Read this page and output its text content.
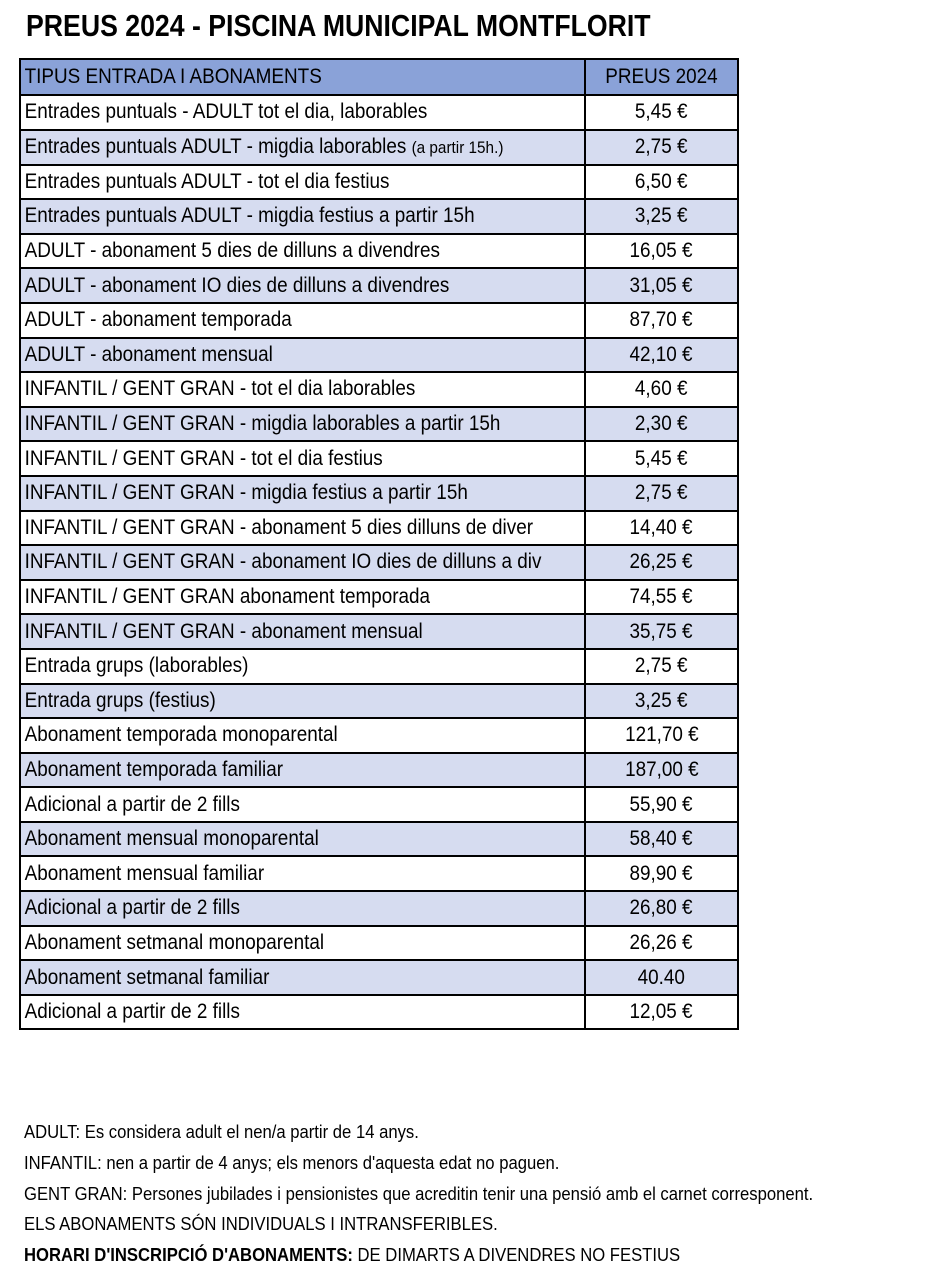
PREUS 2024 - PISCINA MUNICIPAL MONTFLORIT
TIPUS ENTRADA I ABONAMENTS	PREUS 2024
Entrades puntuals - ADULT tot el dia, laborables	5,45 €
Entrades puntuals ADULT - migdia laborables (a partir 15h.)	2,75 €
Entrades puntuals ADULT - tot el dia festius	6,50 €
Entrades puntuals ADULT - migdia festius a partir 15h	3,25 €
ADULT - abonament 5 dies de dilluns a divendres	16,05 €
ADULT - abonament IO dies de dilluns a divendres	31,05 €
ADULT - abonament temporada	87,70 €
ADULT - abonament mensual	42,10 €
INFANTIL / GENT GRAN - tot el dia laborables	4,60 €
INFANTIL / GENT GRAN - migdia laborables a partir 15h	2,30 €
INFANTIL / GENT GRAN - tot el dia festius	5,45 €
INFANTIL / GENT GRAN - migdia festius a partir 15h	2,75 €
INFANTIL / GENT GRAN - abonament 5 dies dilluns de diver	14,40 €
INFANTIL / GENT GRAN - abonament IO dies de dilluns a div	26,25 €
INFANTIL / GENT GRAN abonament temporada	74,55 €
INFANTIL / GENT GRAN - abonament mensual	35,75 €
Entrada grups (laborables)	2,75 €
Entrada grups (festius)	3,25 €
Abonament temporada monoparental	121,70 €
Abonament temporada familiar	187,00 €
Adicional a partir de 2 fills	55,90 €
Abonament mensual monoparental	58,40 €
Abonament mensual familiar	89,90 €
Adicional a partir de 2 fills	26,80 €
Abonament setmanal monoparental	26,26 €
Abonament setmanal familiar	40.40
Adicional a partir de 2 fills	12,05 €
ADULT: Es considera adult el nen/a partir de 14 anys.
INFANTIL: nen a partir de 4 anys; els menors d'aquesta edat no paguen.
GENT GRAN: Persones jubilades i pensionistes que acreditin tenir una pensió amb el carnet corresponent.
ELS ABONAMENTS SÓN INDIVIDUALS I INTRANSFERIBLES.
HORARI D'INSCRIPCIÓ D'ABONAMENTS: DE DIMARTS A DIVENDRES NO FESTIUS
